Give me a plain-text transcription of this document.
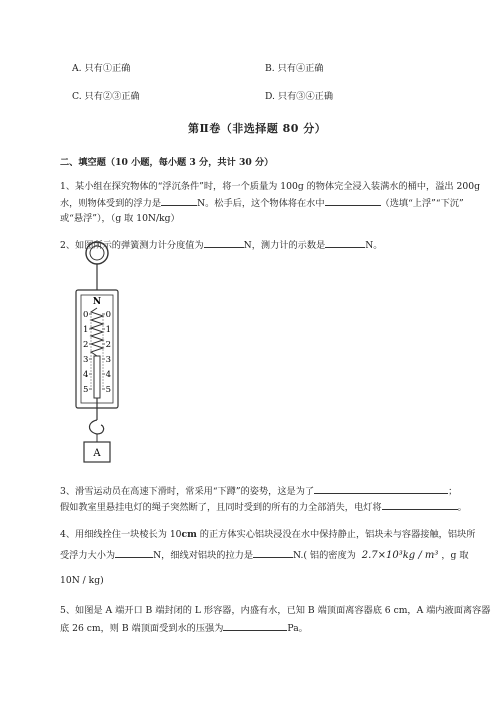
A. 只有①正确	B. 只有④正确
C. 只有②③正确	D. 只有③④正确
第Ⅱ卷（非选择题 80 分）
二、填空题（10 小题，每小题 3 分，共计 30 分）
1、某小组在探究物体的“浮沉条件”时，将一个质量为 100g 的物体完全浸入装满水的桶中，溢出 200g
水，则物体受到的浮力是	N。松手后，这个物体将在水中	（选填“上浮”“下沉”
或“悬浮”），（g 取 10N/kg）
2、如图所示的弹簧测力计分度值为	N，测力计的示数是	N。
N
0 0
1 1
2 2
3 3
4 4
5 5
A
3、滑雪运动员在高速下滑时，常采用“下蹲”的姿势，这是为了	；
假如教室里悬挂电灯的绳子突然断了，且同时受到的所有的力全部消失，电灯将	。
4、用细线拴住一块棱长为 10cm 的正方体实心铝块浸没在水中保持静止，铝块未与容器接触，铝块所
受浮力大小为	N，细线对铝块的拉力是	N.( 铝的密度为 2.7×10³kg / m³ ，g 取
10N / kg)
5、如图是 A 端开口 B 端封闭的 L 形容器，内盛有水，已知 B 端顶面离容器底 6 cm，A 端内液面离容器
底 26 cm，则 B 端顶面受到水的压强为	Pa。
